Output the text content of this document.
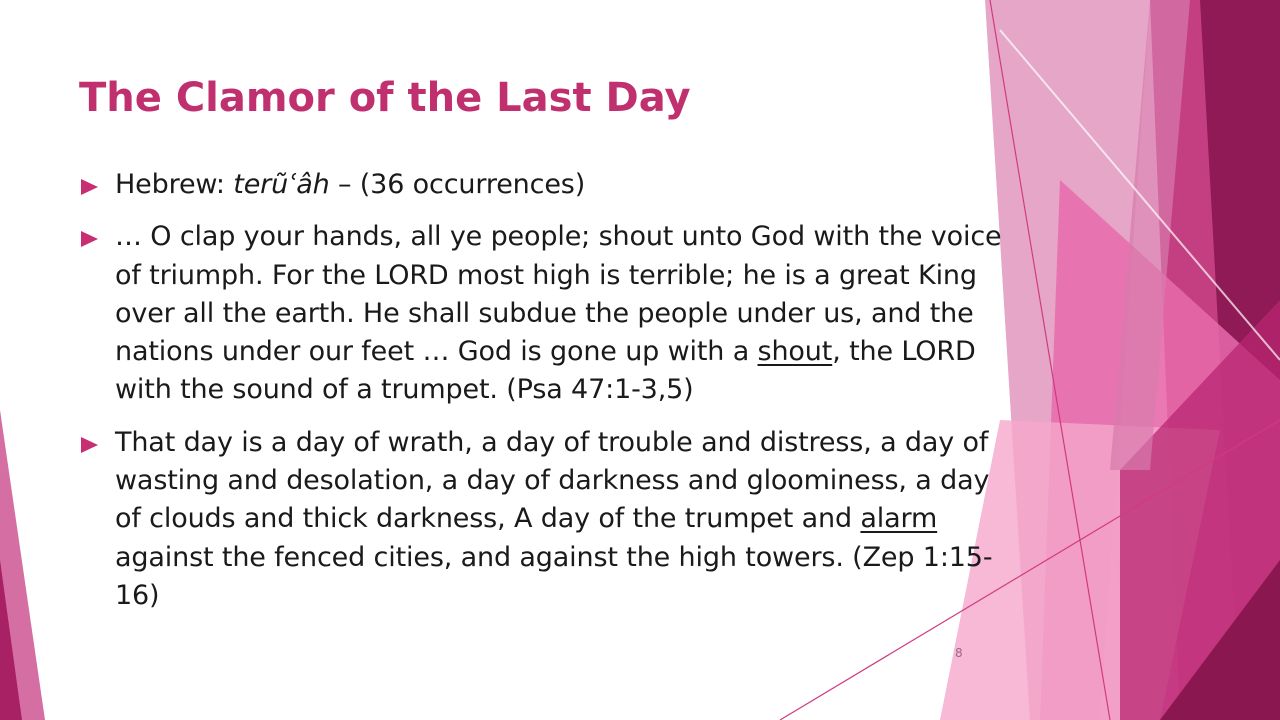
The Clamor of the Last Day
Hebrew: teru͂ʿâh – (36 occurrences)
… O clap your hands, all ye people; shout unto God with the voice of triumph. For the LORD most high is terrible; he is a great King over all the earth. He shall subdue the people under us, and the nations under our feet … God is gone up with a shout, the LORD with the sound of a trumpet. (Psa 47:1-3,5)
That day is a day of wrath, a day of trouble and distress, a day of wasting and desolation, a day of darkness and gloominess, a day of clouds and thick darkness, A day of the trumpet and alarm against the fenced cities, and against the high towers. (Zep 1:15-16)
8
